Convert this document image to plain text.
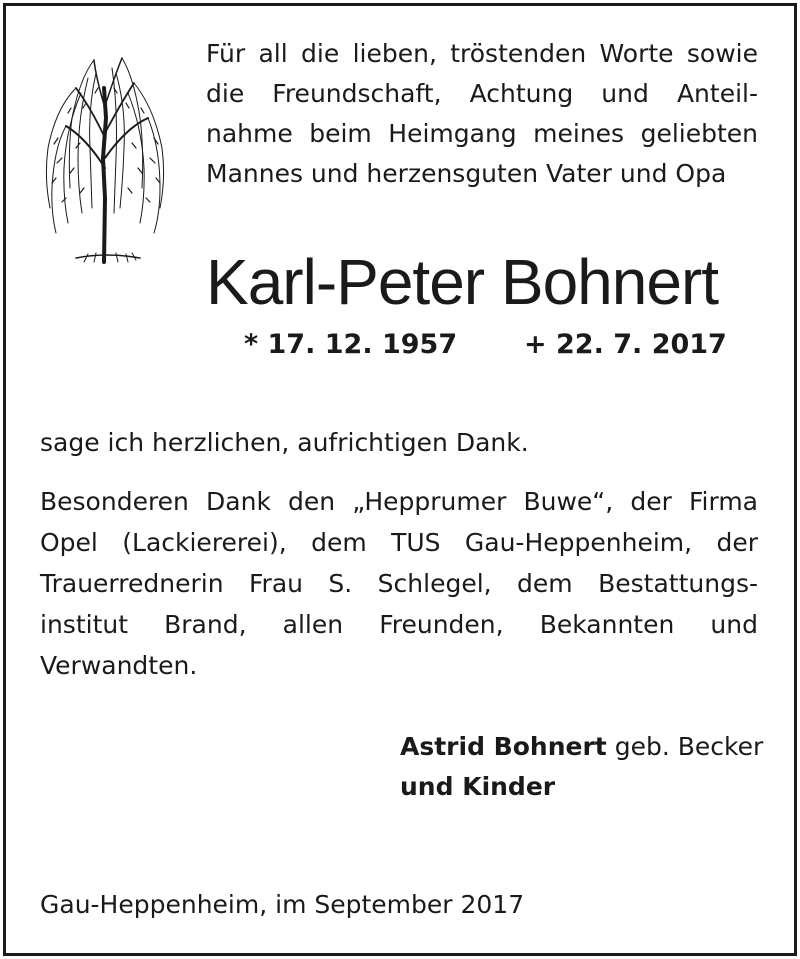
Für all die lieben, tröstenden Worte sowie
die Freundschaft, Achtung und Anteil-
nahme beim Heimgang meines geliebten
Mannes und herzensguten Vater und Opa
Karl-Peter Bohnert
* 17. 12. 1957 + 22. 7. 2017
sage ich herzlichen, aufrichtigen Dank.
Besonderen Dank den „Hepprumer Buwe“, der Firma
Opel (Lackiererei), dem TUS Gau-Heppenheim, der
Trauerrednerin Frau S. Schlegel, dem Bestattungs-
institut Brand, allen Freunden, Bekannten und
Verwandten.
Astrid Bohnert geb. Becker
und Kinder
Gau-Heppenheim, im September 2017
